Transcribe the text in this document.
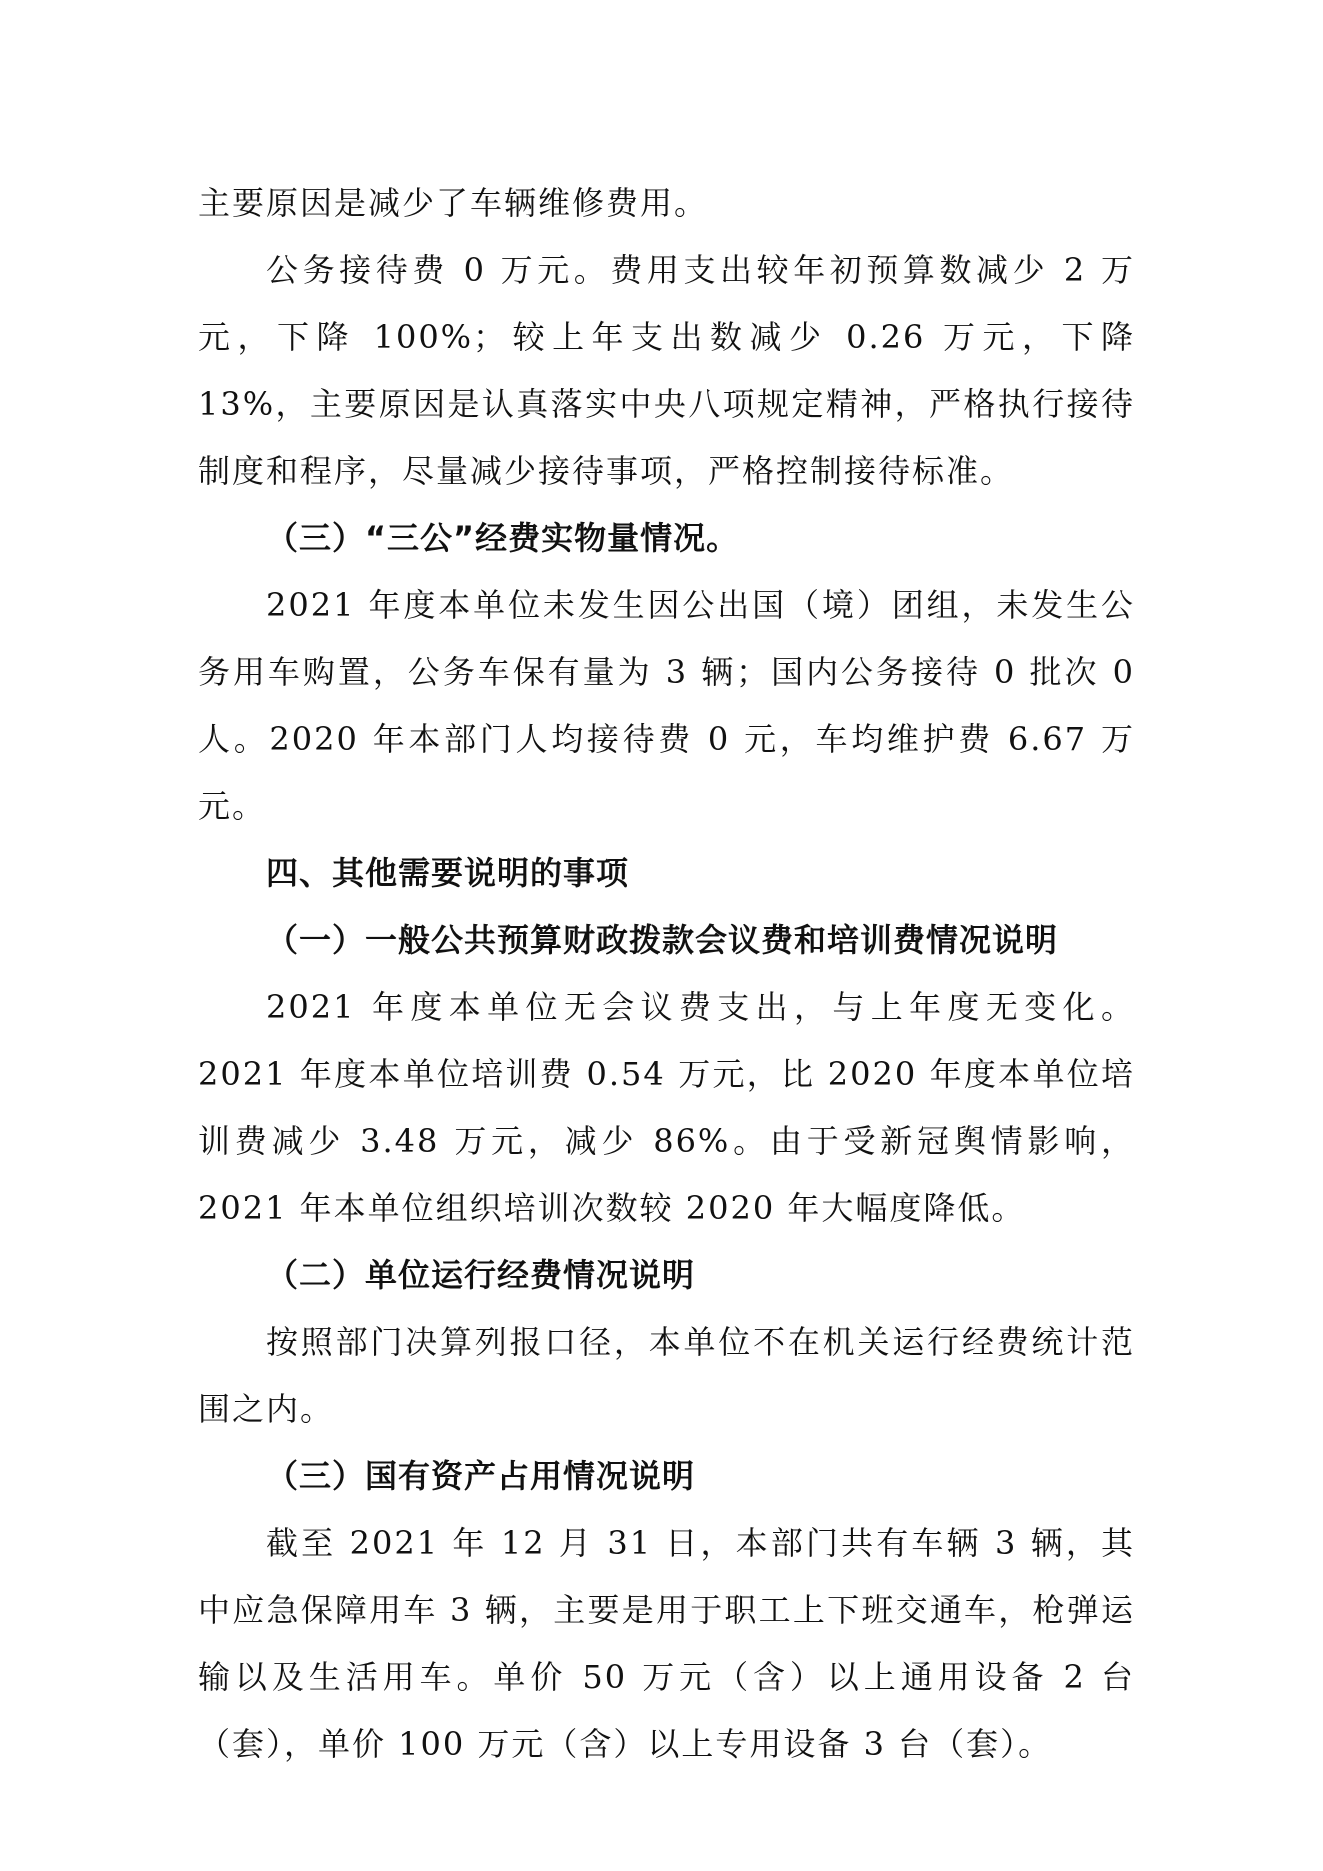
主要原因是减少了车辆维修费用。

公务接待费 0 万元。费用支出较年初预算数减少 2 万元，下降 100%；较上年支出数减少 0.26 万元，下降 13%，主要原因是认真落实中央八项规定精神，严格执行接待制度和程序，尽量减少接待事项，严格控制接待标准。

（三）“三公”经费实物量情况。

2021 年度本单位未发生因公出国（境）团组，未发生公务用车购置，公务车保有量为 3 辆；国内公务接待 0 批次 0 人。2020 年本部门人均接待费 0 元，车均维护费 6.67 万元。

四、其他需要说明的事项

（一）一般公共预算财政拨款会议费和培训费情况说明

2021 年度本单位无会议费支出，与上年度无变化。2021 年度本单位培训费 0.54 万元，比 2020 年度本单位培训费减少 3.48 万元，减少 86%。由于受新冠舆情影响，2021 年本单位组织培训次数较 2020 年大幅度降低。

（二）单位运行经费情况说明

按照部门决算列报口径，本单位不在机关运行经费统计范围之内。

（三）国有资产占用情况说明

截至 2021 年 12 月 31 日，本部门共有车辆 3 辆，其中应急保障用车 3 辆，主要是用于职工上下班交通车，枪弹运输以及生活用车。单价 50 万元（含）以上通用设备 2 台（套），单价 100 万元（含）以上专用设备 3 台（套）。
